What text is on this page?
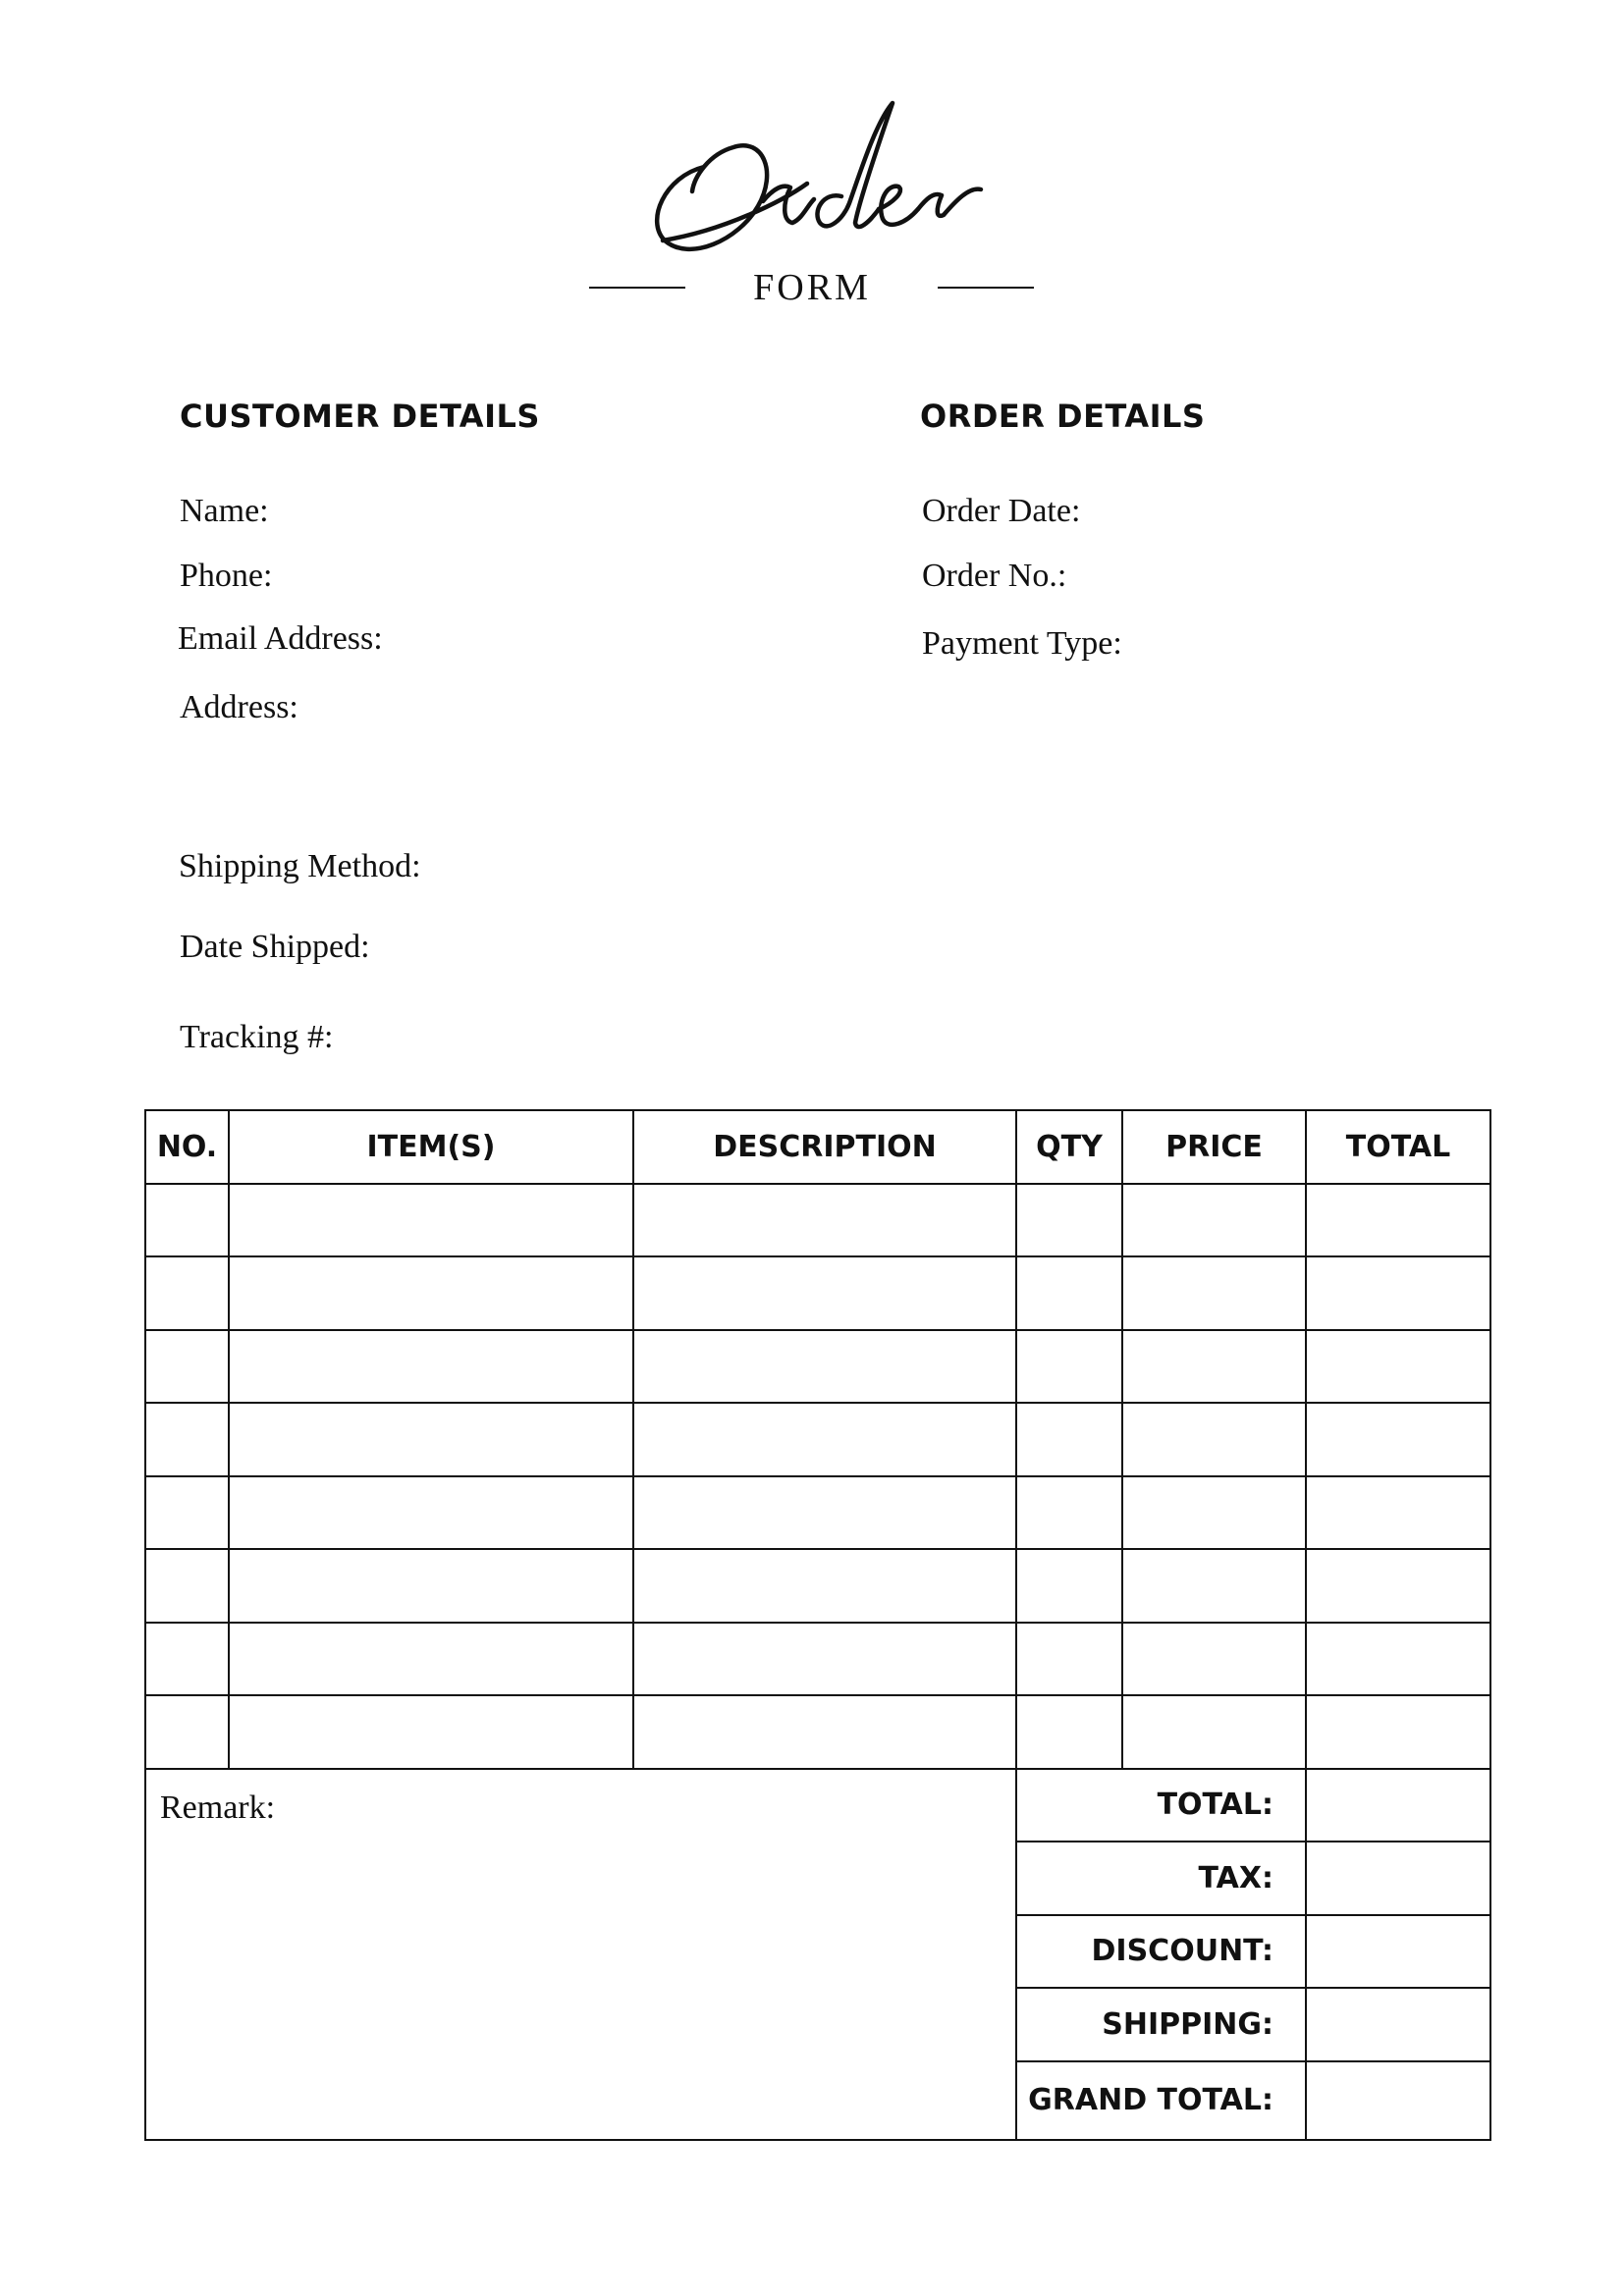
FORM
CUSTOMER DETAILS
Name:
Phone:
Email Address:
Address:
ORDER DETAILS
Order Date:
Order No.:
Payment Type:
Shipping Method:
Date Shipped:
Tracking #:
NO.	ITEM(S)	DESCRIPTION	QTY	PRICE	TOTAL

Remark:			TOTAL:		
			TAX:		
			DISCOUNT:		
			SHIPPING:		
			GRAND TOTAL:		
